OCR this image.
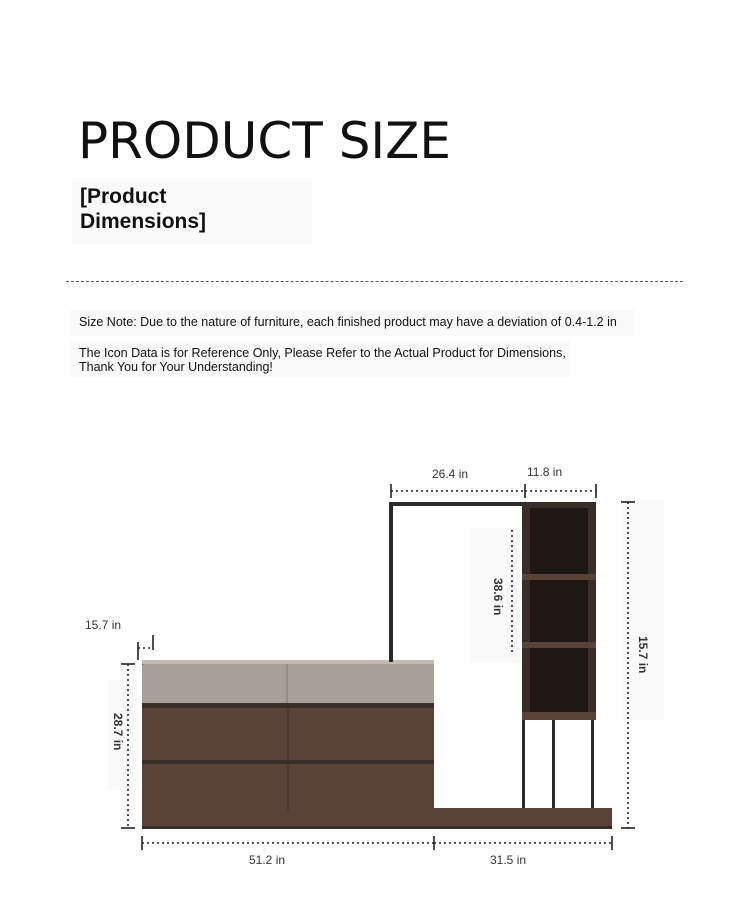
PRODUCT SIZE
[Product
Dimensions]
Size Note: Due to the nature of furniture, each finished product may have a deviation of 0.4-1.2 in
The Icon Data is for Reference Only, Please Refer to the Actual Product for Dimensions,
Thank You for Your Understanding!
26.4 in	11.8 in
38.6 in
15.7 in
15.7 in
28.7 in
51.2 in	31.5 in
